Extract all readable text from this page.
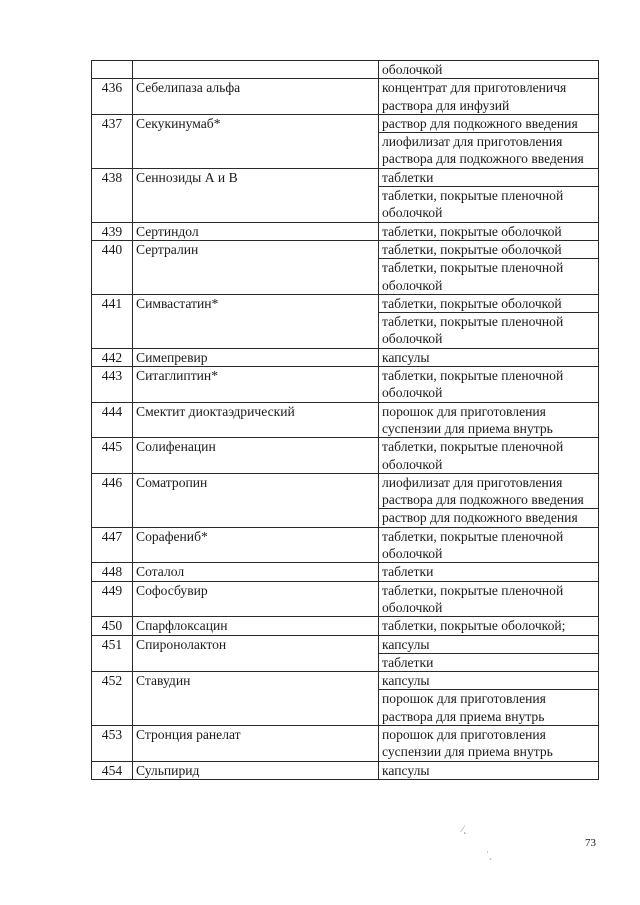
		оболочкой
436	Себелипаза альфа	концентрат для приготовленичя раствора для инфузий
437	Секукинумаб*	раствор для подкожного введения
		лиофилизат для приготовления раствора для подкожного введения
438	Сеннозиды А и В	таблетки
		таблетки, покрытые пленочной оболочкой
439	Сертиндол	таблетки, покрытые оболочкой
440	Сертралин	таблетки, покрытые оболочкой
		таблетки, покрытые пленочной оболочкой
441	Симвастатин*	таблетки, покрытые оболочкой
		таблетки, покрытые пленочной оболочкой
442	Симепревир	капсулы
443	Ситаглиптин*	таблетки, покрытые пленочной оболочкой
444	Смектит диоктаэдрический	порошок для приготовления суспензии для приема внутрь
445	Солифенацин	таблетки, покрытые пленочной оболочкой
446	Соматропин	лиофилизат для приготовления раствора для подкожного введения
		раствор для подкожного введения
447	Сорафениб*	таблетки, покрытые пленочной оболочкой
448	Соталол	таблетки
449	Софосбувир	таблетки, покрытые пленочной оболочкой
450	Спарфлоксацин	таблетки, покрытые оболочкой;
451	Спиронолактон	капсулы
		таблетки
452	Ставудин	капсулы
		порошок для приготовления раствора для приема внутрь
453	Стронция ранелат	порошок для приготовления суспензии для приема внутрь
454	Сульпирид	капсулы
73
⁄˛
˙ˏ
